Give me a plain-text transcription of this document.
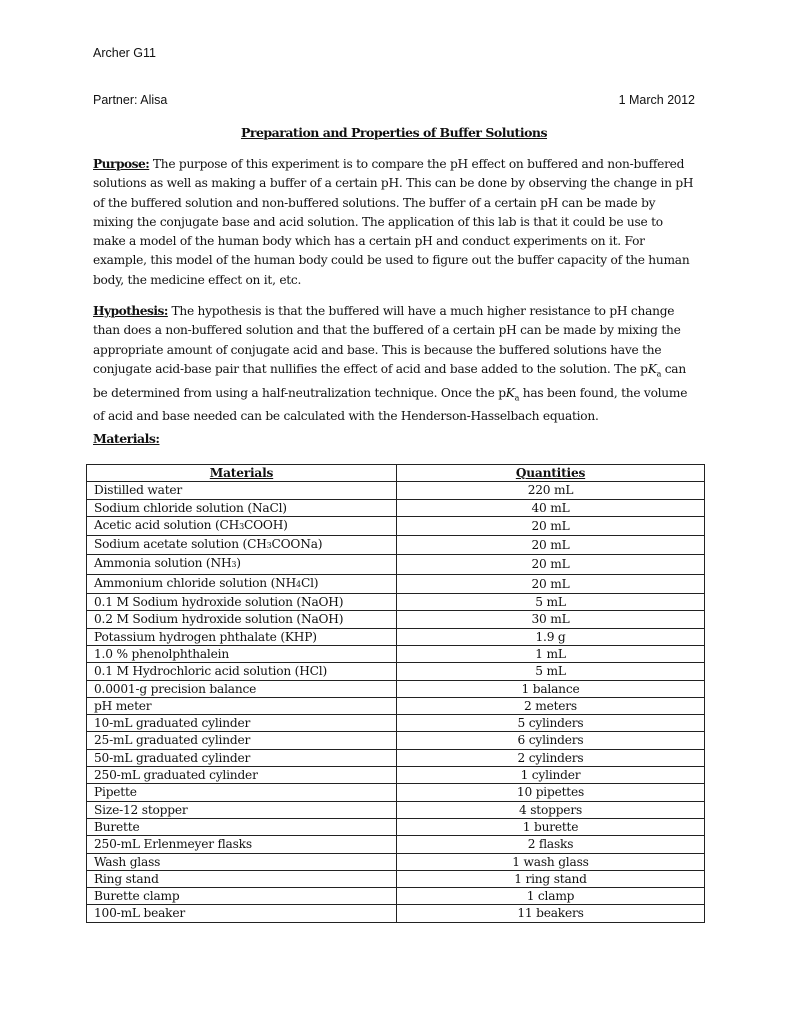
Archer G11
Partner: Alisa	1 March 2012
Preparation and Properties of Buffer Solutions
Purpose: The purpose of this experiment is to compare the pH effect on buffered and non-buffered solutions as well as making a buffer of a certain pH. This can be done by observing the change in pH of the buffered solution and non-buffered solutions. The buffer of a certain pH can be made by mixing the conjugate base and acid solution. The application of this lab is that it could be use to make a model of the human body which has a certain pH and conduct experiments on it. For example, this model of the human body could be used to figure out the buffer capacity of the human body, the medicine effect on it, etc.
Hypothesis: The hypothesis is that the buffered will have a much higher resistance to pH change than does a non-buffered solution and that the buffered of a certain pH can be made by mixing the appropriate amount of conjugate acid and base. This is because the buffered solutions have the conjugate acid-base pair that nullifies the effect of acid and base added to the solution. The $pK_a$ can be determined from using a half-neutralization technique. Once the $pK_a$ has been found, the volume of acid and base needed can be calculated with the Henderson-Hasselbach equation.
Materials:
Materials	Quantities
Distilled water	220 mL
Sodium chloride solution (NaCl)	40 mL
Acetic acid solution (CH3COOH)	20 mL
Sodium acetate solution (CH3COONa)	20 mL
Ammonia solution (NH3)	20 mL
Ammonium chloride solution (NH4Cl)	20 mL
0.1 M Sodium hydroxide solution (NaOH)	5 mL
0.2 M Sodium hydroxide solution (NaOH)	30 mL
Potassium hydrogen phthalate (KHP)	1.9 g
1.0 % phenolphthalein	1 mL
0.1 M Hydrochloric acid solution (HCl)	5 mL
0.0001-g precision balance	1 balance
pH meter	2 meters
10-mL graduated cylinder	5 cylinders
25-mL graduated cylinder	6 cylinders
50-mL graduated cylinder	2 cylinders
250-mL graduated cylinder	1 cylinder
Pipette	10 pipettes
Size-12 stopper	4 stoppers
Burette	1 burette
250-mL Erlenmeyer flasks	2 flasks
Wash glass	1 wash glass
Ring stand	1 ring stand
Burette clamp	1 clamp
100-mL beaker	11 beakers
